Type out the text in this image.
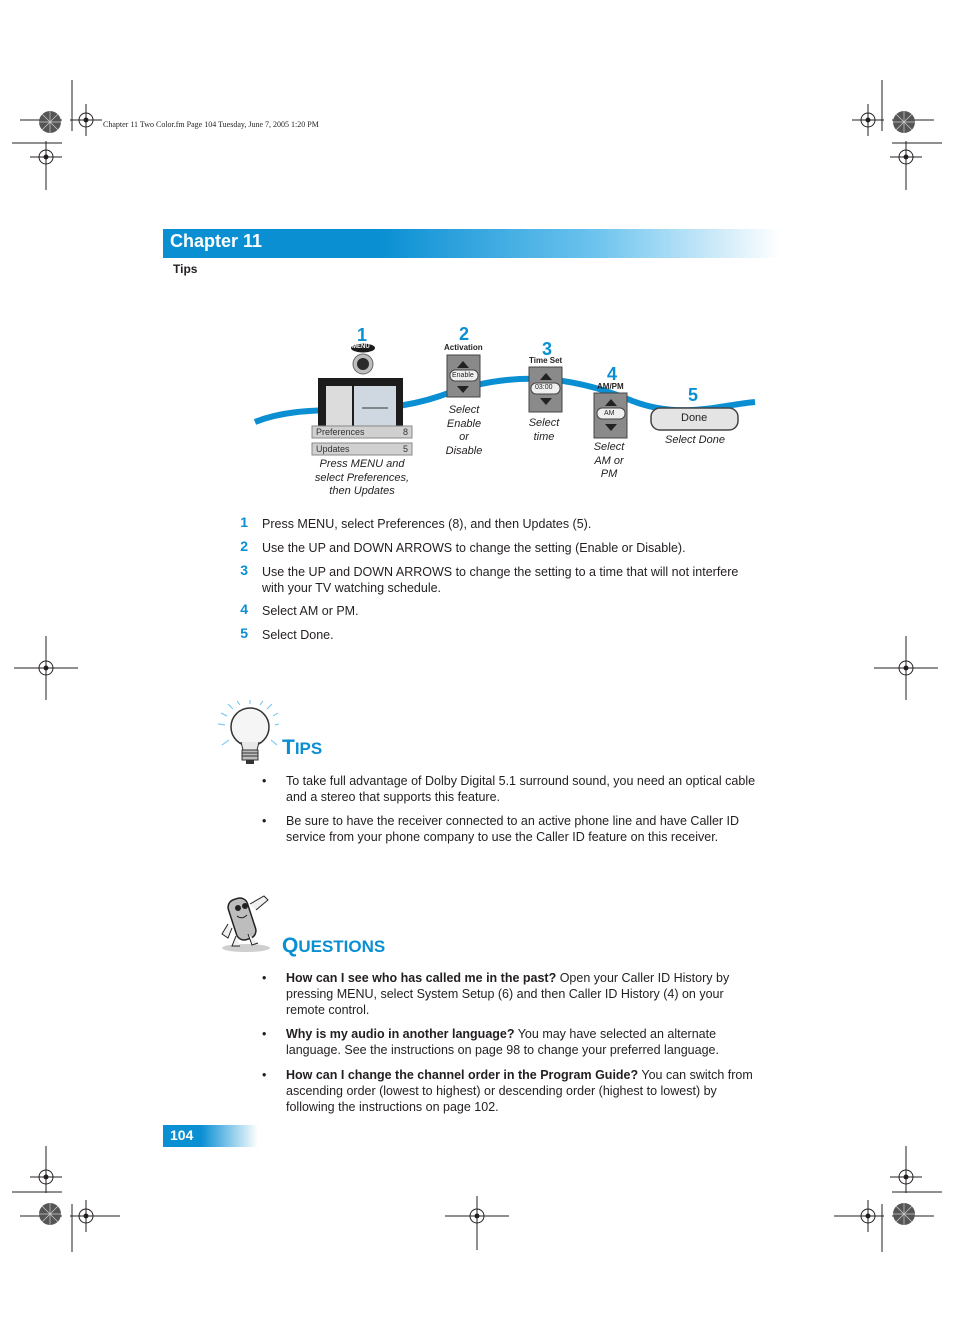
Chapter 11 Two Color.fm Page 104 Tuesday, June 7, 2005 1:20 PM
Chapter 11
Tips
1	2
3
4
5
MENU
Preferences	8
Updates	5
Activation
Enable
Time Set
03:00	AM/PM
AM	Done
Press MENU and
select Preferences,
then Updates
Select
Enable
or
Disable
Select
time
Select
AM or
PM
Select Done
1 Press MENU, select Preferences (8), and then Updates (5).
2 Use the UP and DOWN ARROWS to change the setting (Enable or Disable).
3 Use the UP and DOWN ARROWS to change the setting to a time that will not interfere
with your TV watching schedule.
4 Select AM or PM.
5 Select Done.
TIPS
• To take full advantage of Dolby Digital 5.1 surround sound, you need an optical cable
and a stereo that supports this feature.
• Be sure to have the receiver connected to an active phone line and have Caller ID
service from your phone company to use the Caller ID feature on this receiver.
QUESTIONS
• How can I see who has called me in the past? Open your Caller ID History by
pressing MENU, select System Setup (6) and then Caller ID History (4) on your
remote control.
• Why is my audio in another language? You may have selected an alternate
language. See the instructions on page 98 to change your preferred language.
• How can I change the channel order in the Program Guide? You can switch from
ascending order (lowest to highest) or descending order (highest to lowest) by
following the instructions on page 102.
104
